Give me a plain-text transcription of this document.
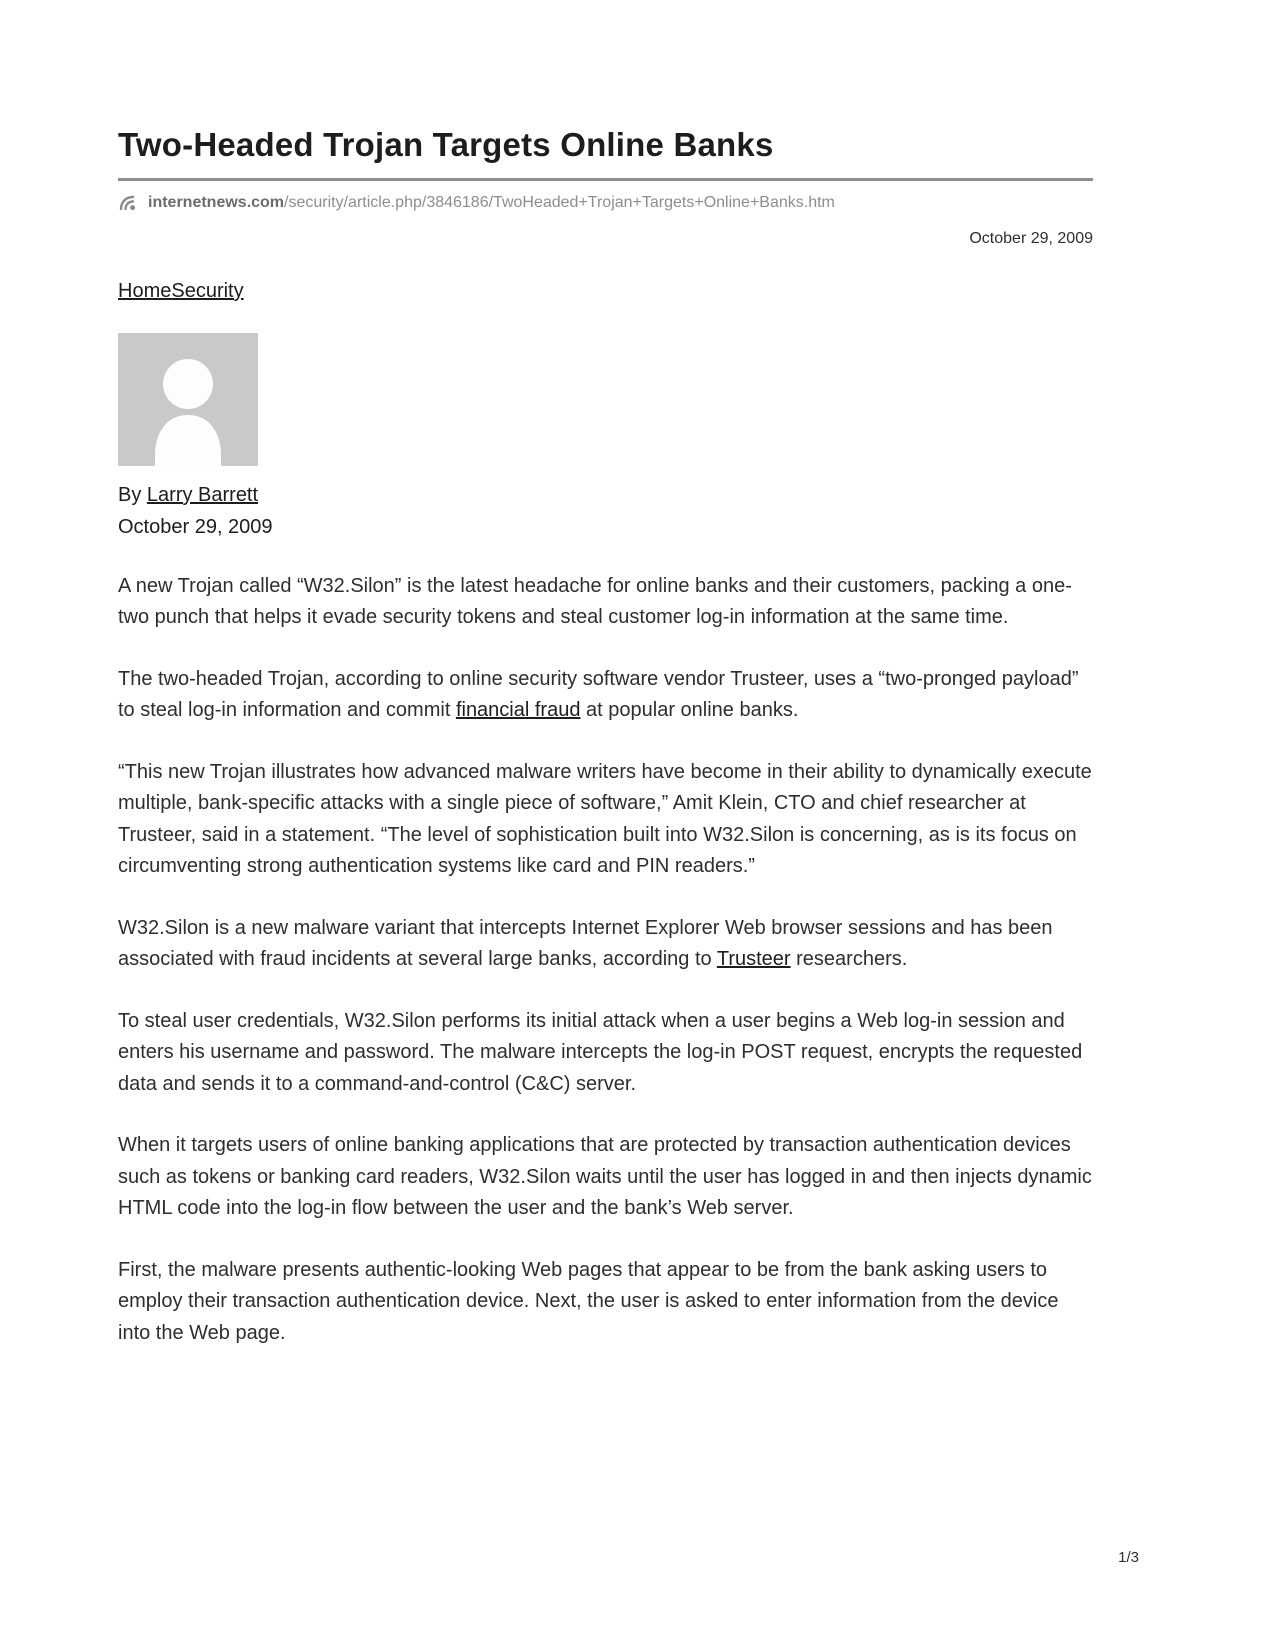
Two-Headed Trojan Targets Online Banks
internetnews.com/security/article.php/3846186/TwoHeaded+Trojan+Targets+Online+Banks.htm
October 29, 2009
HomeSecurity
By Larry Barrett
October 29, 2009

A new Trojan called “W32.Silon” is the latest headache for online banks and their customers, packing a one-two punch that helps it evade security tokens and steal customer log-in information at the same time.

The two-headed Trojan, according to online security software vendor Trusteer, uses a “two-pronged payload” to steal log-in information and commit financial fraud at popular online banks.

“This new Trojan illustrates how advanced malware writers have become in their ability to dynamically execute multiple, bank-specific attacks with a single piece of software,” Amit Klein, CTO and chief researcher at Trusteer, said in a statement. “The level of sophistication built into W32.Silon is concerning, as is its focus on circumventing strong authentication systems like card and PIN readers.”

W32.Silon is a new malware variant that intercepts Internet Explorer Web browser sessions and has been associated with fraud incidents at several large banks, according to Trusteer researchers.

To steal user credentials, W32.Silon performs its initial attack when a user begins a Web log-in session and enters his username and password. The malware intercepts the log-in POST request, encrypts the requested data and sends it to a command-and-control (C&C) server.

When it targets users of online banking applications that are protected by transaction authentication devices such as tokens or banking card readers, W32.Silon waits until the user has logged in and then injects dynamic HTML code into the log-in flow between the user and the bank’s Web server.

First, the malware presents authentic-looking Web pages that appear to be from the bank asking users to employ their transaction authentication device. Next, the user is asked to enter information from the device into the Web page.

1/3
